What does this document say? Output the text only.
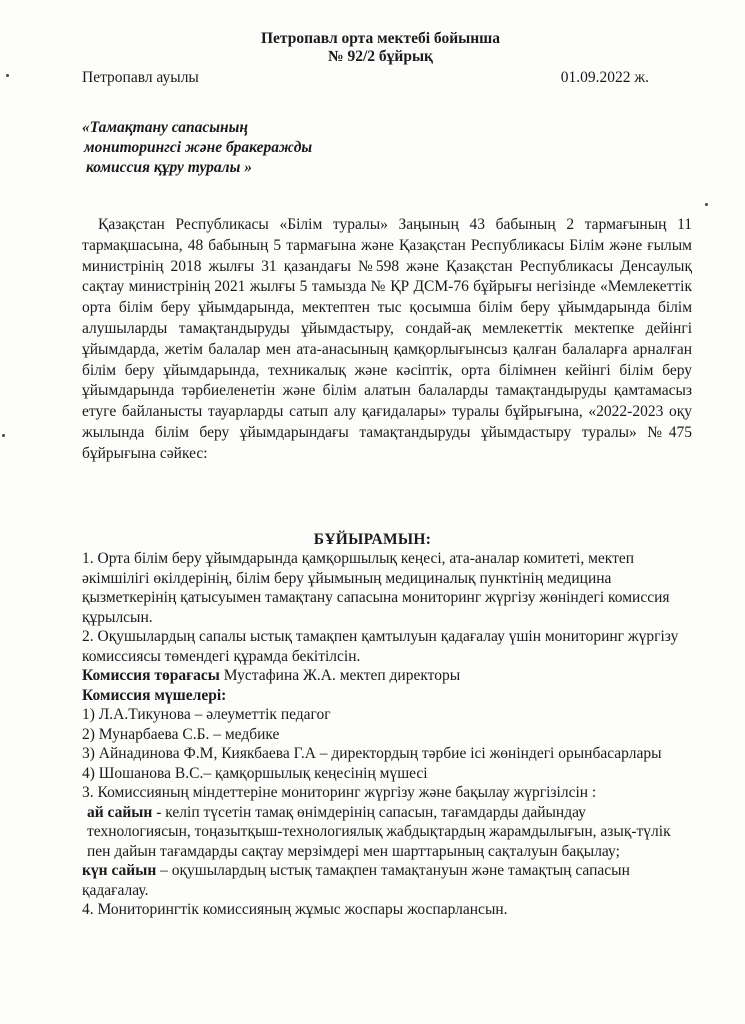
Петропавл орта мектебі бойынша
№ 92/2 бұйрық
Петропавл ауылы	01.09.2022 ж.
«Тамақтану сапасының
мониторингсі және бракеражды
комиссия құру туралы »
Қазақстан Республикасы «Білім туралы» Заңының 43 бабының 2 тармағының 11 тармақшасына, 48 бабының 5 тармағына және Қазақстан Республикасы Білім және ғылым министрінің 2018 жылғы 31 қазандағы №598 және Қазақстан Республикасы Денсаулық сақтау министрінің 2021 жылғы 5 тамызда № ҚР ДСМ-76 бұйрығы негізінде «Мемлекеттік орта білім беру ұйымдарында, мектептен тыс қосымша білім беру ұйымдарында білім алушыларды тамақтандыруды ұйымдастыру, сондай-ақ мемлекеттік мектепке дейінгі ұйымдарда, жетім балалар мен ата-анасының қамқорлығынсыз қалған балаларға арналған білім беру ұйымдарында, техникалық және кәсіптік, орта білімнен кейінгі білім беру ұйымдарында тәрбиеленетін және білім алатын балаларды тамақтандыруды қамтамасыз етуге байланысты тауарларды сатып алу қағидалары» туралы бұйрығына, «2022-2023 оқу жылында білім беру ұйымдарындағы тамақтандыруды ұйымдастыру туралы» №475 бұйрығына сәйкес:
БҰЙЫРАМЫН:

1. Орта білім беру ұйымдарында қамқоршылық кеңесі, ата-аналар комитеті, мектеп әкімшілігі өкілдерінің, білім беру ұйымының медициналық пунктінің медицина қызметкерінің қатысуымен тамақтану сапасына мониторинг жүргізу жөніндегі комиссия құрылсын.

2. Оқушылардың сапалы ыстық тамақпен қамтылуын қадағалау үшін мониторинг жүргізу комиссиясы төмендегі құрамда бекітілсін.

Комиссия төрағасы Мустафина Ж.А. мектеп директоры

Комиссия мүшелері:

1) Л.А.Тикунова – әлеуметтік педагог

2) Мунарбаева С.Б. – медбике

3) Айнадинова Ф.М, Киякбаева Г.А – директордың тәрбие ісі жөніндегі орынбасарлары

4) Шошанова В.С.– қамқоршылық кеңесінің мүшесі

3. Комиссияның міндеттеріне мониторинг жүргізу және бақылау жүргізілсін :

ай сайын - келіп түсетін тамақ өнімдерінің сапасын, тағамдарды дайындау технологиясын, тоңазытқыш-технологиялық жабдықтардың жарамдылығын, азық-түлік пен дайын тағамдарды сақтау мерзімдері мен шарттарының сақталуын бақылау;

күн сайын – оқушылардың ыстық тамақпен тамақтануын және тамақтың сапасын қадағалау.

4. Мониторингтік комиссияның жұмыс жоспары жоспарлансын.
